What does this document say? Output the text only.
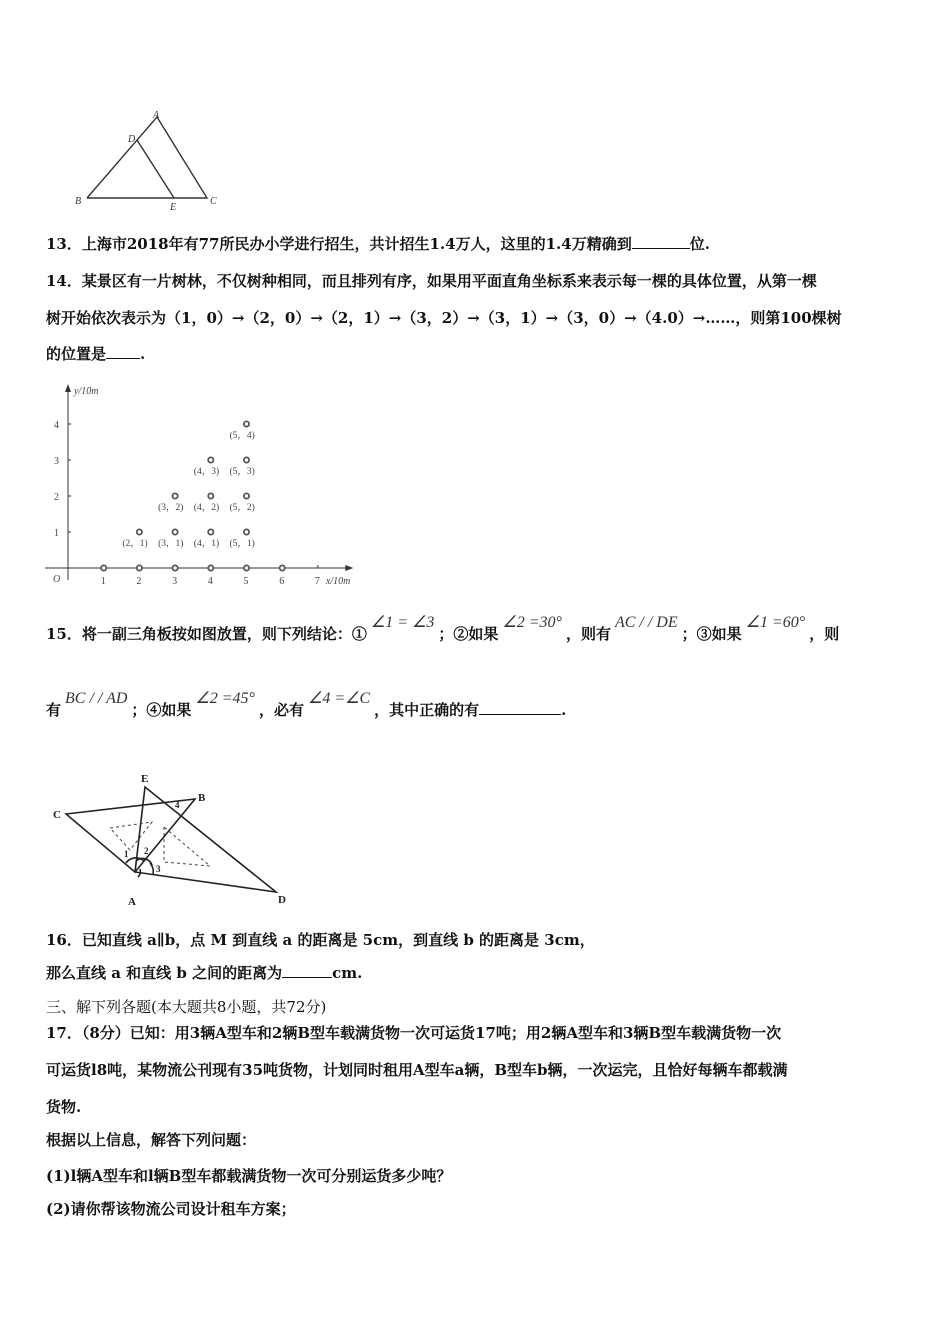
A
B	C
D
E
13．上海市2018年有77所民办小学进行招生，共计招生1.4万人，这里的1.4万精确到	位.
14．某景区有一片树林，不仅树种相同，而且排列有序，如果用平面直角坐标系来表示每一棵的具体位置，从第一棵
树开始依次表示为（1，0）→（2，0）→（2，1）→（3，2）→（3，1）→（3，0）→（4.0）→……，则第100棵树
的位置是 .
y/10m
x/10m
O	1	2	3	4	5	6	7
1
2
3
4
(2，1) (3，1) (4，1) (5，1)
(3，2) (4，2) (5，2)
(4，3) (5，3)
(5，4)
15．将一副三角板按如图放置，则下列结论：①∠1 = ∠3；②如果∠2 =30°，则有AC / / DE；③如果∠1 =60°，则
有BC / / AD；④如果∠2 =45°，必有∠4 =∠C，其中正确的有	.
A
B
C
D
E
1 2
3
4
16．已知直线 a∥b，点 M 到直线 a 的距离是 5cm，到直线 b 的距离是 3cm，
那么直线 a 和直线 b 之间的距离为	cm.
三、解下列各题(本大题共8小题，共72分)
17．（8分）已知：用3辆A型车和2辆B型车载满货物一次可运货17吨；用2辆A型车和3辆B型车载满货物一次
可运货l8吨，某物流公刊现有35吨货物，计划同时租用A型车a辆，B型车b辆，一次运完，且恰好每辆车都载满
货物.
根据以上信息，解答下列问题：
(1)l辆A型车和l辆B型车都载满货物一次可分别运货多少吨？
(2)请你帮该物流公司设计租车方案；
